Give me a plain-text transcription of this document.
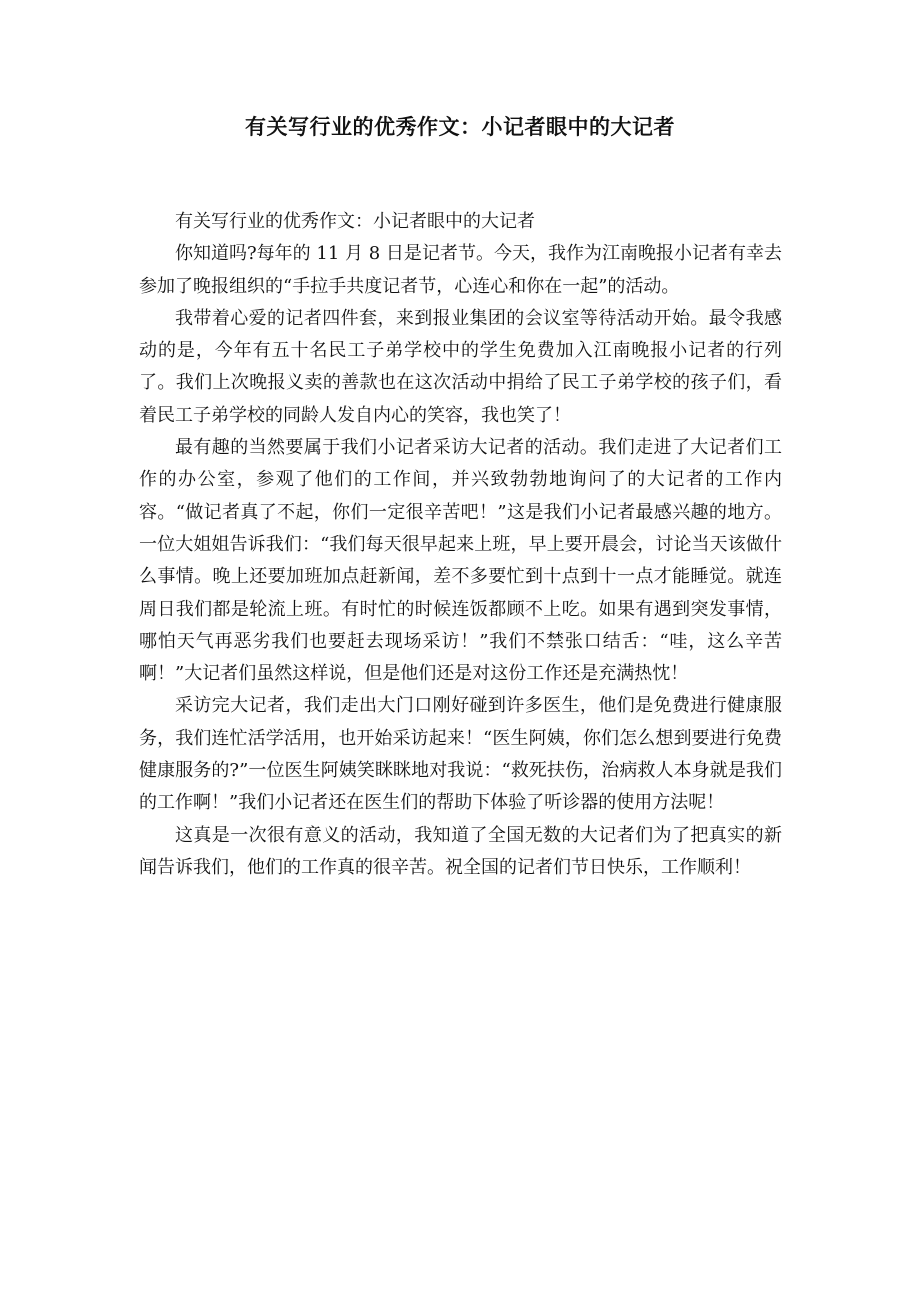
有关写行业的优秀作文：小记者眼中的大记者

有关写行业的优秀作文：小记者眼中的大记者

你知道吗?每年的 11 月 8 日是记者节。今天，我作为江南晚报小记者有幸去参加了晚报组织的“手拉手共度记者节，心连心和你在一起”的活动。

我带着心爱的记者四件套，来到报业集团的会议室等待活动开始。最令我感动的是，今年有五十名民工子弟学校中的学生免费加入江南晚报小记者的行列了。我们上次晚报义卖的善款也在这次活动中捐给了民工子弟学校的孩子们，看着民工子弟学校的同龄人发自内心的笑容，我也笑了！

最有趣的当然要属于我们小记者采访大记者的活动。我们走进了大记者们工作的办公室，参观了他们的工作间，并兴致勃勃地询问了的大记者的工作内容。“做记者真了不起，你们一定很辛苦吧！”这是我们小记者最感兴趣的地方。一位大姐姐告诉我们：“我们每天很早起来上班，早上要开晨会，讨论当天该做什么事情。晚上还要加班加点赶新闻，差不多要忙到十点到十一点才能睡觉。就连周日我们都是轮流上班。有时忙的时候连饭都顾不上吃。如果有遇到突发事情，哪怕天气再恶劣我们也要赶去现场采访！”我们不禁张口结舌：“哇，这么辛苦啊！”大记者们虽然这样说，但是他们还是对这份工作还是充满热忱！

采访完大记者，我们走出大门口刚好碰到许多医生，他们是免费进行健康服务，我们连忙活学活用，也开始采访起来！“医生阿姨，你们怎么想到要进行免费健康服务的?”一位医生阿姨笑眯眯地对我说：“救死扶伤，治病救人本身就是我们的工作啊！”我们小记者还在医生们的帮助下体验了听诊器的使用方法呢！

这真是一次很有意义的活动，我知道了全国无数的大记者们为了把真实的新闻告诉我们，他们的工作真的很辛苦。祝全国的记者们节日快乐，工作顺利！
